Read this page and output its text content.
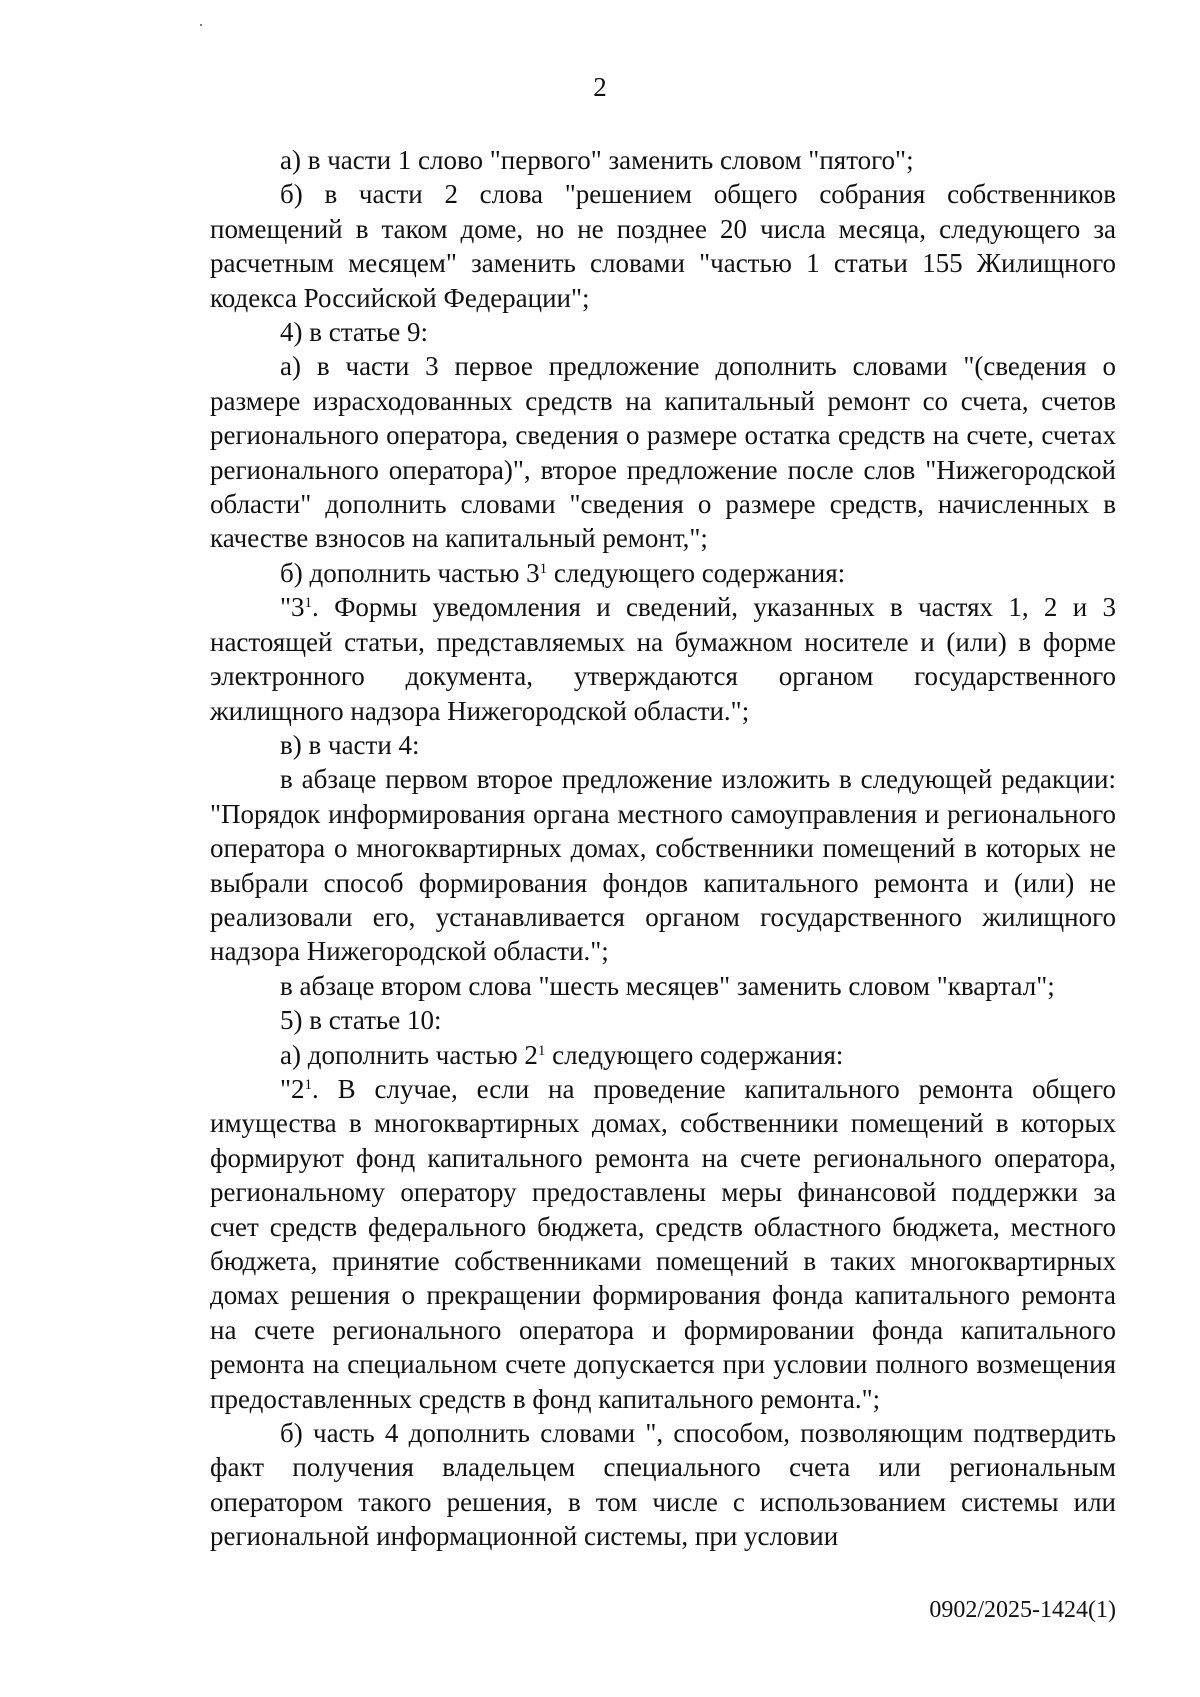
2

а) в части 1 слово "первого" заменить словом "пятого";

б) в части 2 слова "решением общего собрания собственников помещений в таком доме, но не позднее 20 числа месяца, следующего за расчетным месяцем" заменить словами "частью 1 статьи 155 Жилищного кодекса Российской Федерации";

4) в статье 9:

а) в части 3 первое предложение дополнить словами "(сведения о размере израсходованных средств на капитальный ремонт со счета, счетов регионального оператора, сведения о размере остатка средств на счете, счетах регионального оператора)", второе предложение после слов "Нижегородской области" дополнить словами "сведения о размере средств, начисленных в качестве взносов на капитальный ремонт,";

б) дополнить частью $3^1$ следующего содержания:

"$3^1$. Формы уведомления и сведений, указанных в частях 1, 2 и 3 настоящей статьи, представляемых на бумажном носителе и (или) в форме электронного документа, утверждаются органом государственного жилищного надзора Нижегородской области.";

в) в части 4:

в абзаце первом второе предложение изложить в следующей редакции: "Порядок информирования органа местного самоуправления и регионального оператора о многоквартирных домах, собственники помещений в которых не выбрали способ формирования фондов капитального ремонта и (или) не реализовали его, устанавливается органом государственного жилищного надзора Нижегородской области.";

в абзаце втором слова "шесть месяцев" заменить словом "квартал";

5) в статье 10:

а) дополнить частью $2^1$ следующего содержания:

"$2^1$. В случае, если на проведение капитального ремонта общего имущества в многоквартирных домах, собственники помещений в которых формируют фонд капитального ремонта на счете регионального оператора, региональному оператору предоставлены меры финансовой поддержки за счет средств федерального бюджета, средств областного бюджета, местного бюджета, принятие собственниками помещений в таких многоквартирных домах решения о прекращении формирования фонда капитального ремонта на счете регионального оператора и формировании фонда капитального ремонта на специальном счете допускается при условии полного возмещения предоставленных средств в фонд капитального ремонта.";

б) часть 4 дополнить словами ", способом, позволяющим подтвердить факт получения владельцем специального счета или региональным оператором такого решения, в том числе с использованием системы или региональной информационной системы, при условии

0902/2025-1424(1)
